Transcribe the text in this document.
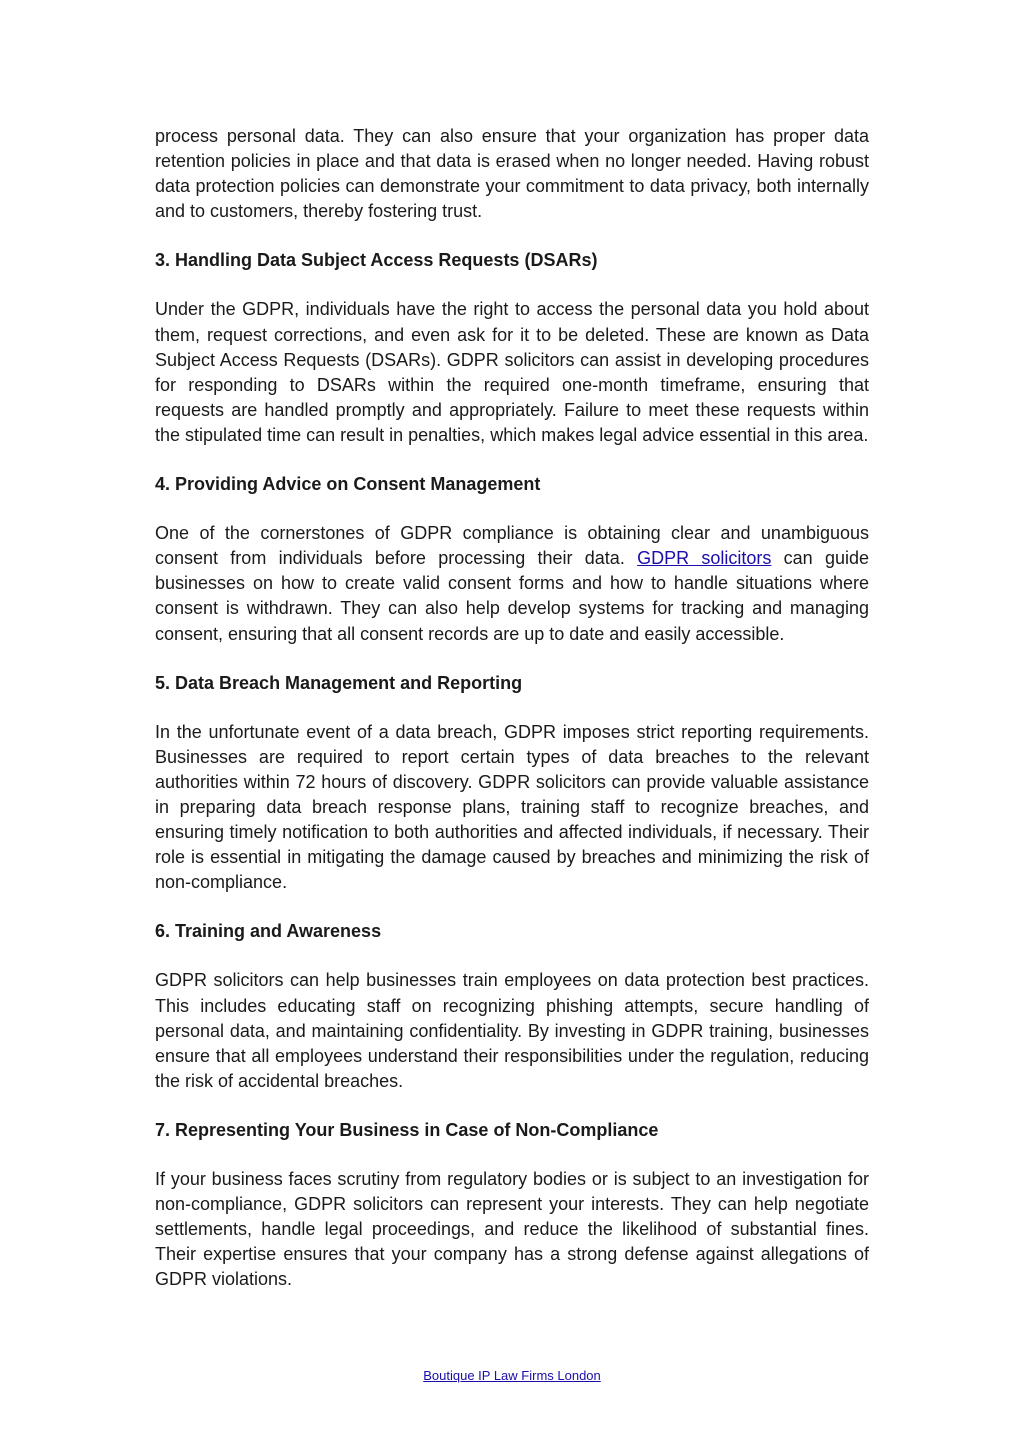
process personal data. They can also ensure that your organization has proper data retention policies in place and that data is erased when no longer needed. Having robust data protection policies can demonstrate your commitment to data privacy, both internally and to customers, thereby fostering trust.

3. Handling Data Subject Access Requests (DSARs)

Under the GDPR, individuals have the right to access the personal data you hold about them, request corrections, and even ask for it to be deleted. These are known as Data Subject Access Requests (DSARs). GDPR solicitors can assist in developing procedures for responding to DSARs within the required one-month timeframe, ensuring that requests are handled promptly and appropriately. Failure to meet these requests within the stipulated time can result in penalties, which makes legal advice essential in this area.

4. Providing Advice on Consent Management

One of the cornerstones of GDPR compliance is obtaining clear and unambiguous consent from individuals before processing their data. GDPR solicitors can guide businesses on how to create valid consent forms and how to handle situations where consent is withdrawn. They can also help develop systems for tracking and managing consent, ensuring that all consent records are up to date and easily accessible.

5. Data Breach Management and Reporting

In the unfortunate event of a data breach, GDPR imposes strict reporting requirements. Businesses are required to report certain types of data breaches to the relevant authorities within 72 hours of discovery. GDPR solicitors can provide valuable assistance in preparing data breach response plans, training staff to recognize breaches, and ensuring timely notification to both authorities and affected individuals, if necessary. Their role is essential in mitigating the damage caused by breaches and minimizing the risk of non-compliance.

6. Training and Awareness

GDPR solicitors can help businesses train employees on data protection best practices. This includes educating staff on recognizing phishing attempts, secure handling of personal data, and maintaining confidentiality. By investing in GDPR training, businesses ensure that all employees understand their responsibilities under the regulation, reducing the risk of accidental breaches.

7. Representing Your Business in Case of Non-Compliance

If your business faces scrutiny from regulatory bodies or is subject to an investigation for non-compliance, GDPR solicitors can represent your interests. They can help negotiate settlements, handle legal proceedings, and reduce the likelihood of substantial fines. Their expertise ensures that your company has a strong defense against allegations of GDPR violations.

Boutique IP Law Firms London
